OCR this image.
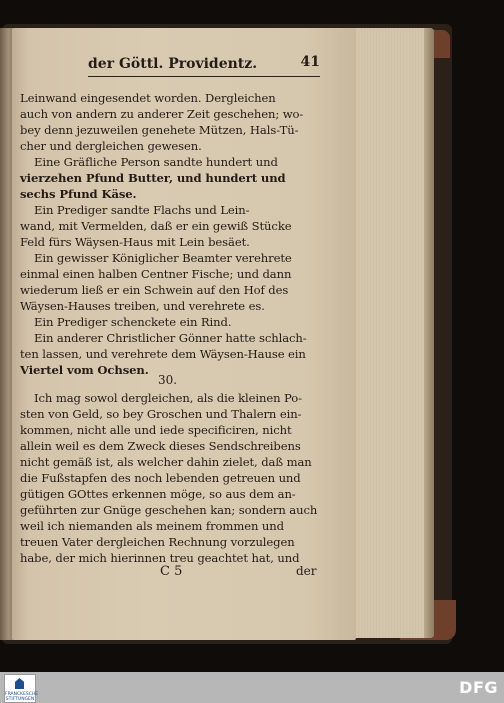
der Göttl. Providentz.	41
Leinwand eingesendet worden. Dergleichen
auch von andern zu anderer Zeit geschehen; wo-
bey denn jezuweilen genehete Mützen, Hals-Tü-
cher und dergleichen gewesen.
Eine Gräfliche Person sandte hundert und
vierzehen Pfund Butter, und hundert und
sechs Pfund Käse.
Ein Prediger sandte Flachs und Lein-
wand, mit Vermelden, daß er ein gewiß Stücke
Feld fürs Wäysen-Haus mit Lein besäet.
Ein gewisser Königlicher Beamter verehrete
einmal einen halben Centner Fische; und dann
wiederum ließ er ein Schwein auf den Hof des
Wäysen-Hauses treiben, und verehrete es.
Ein Prediger schenckete ein Rind.
Ein anderer Christlicher Gönner hatte schlach-
ten lassen, und verehrete dem Wäysen-Hause ein
Viertel vom Ochsen.
30.
Ich mag sowol dergleichen, als die kleinen Po-
sten von Geld, so bey Groschen und Thalern ein-
kommen, nicht alle und iede specificiren, nicht
allein weil es dem Zweck dieses Sendschreibens
nicht gemäß ist, als welcher dahin zielet, daß man
die Fußstapfen des noch lebenden getreuen und
gütigen GOttes erkennen möge, so aus dem an-
geführten zur Gnüge geschehen kan; sondern auch
weil ich niemanden als meinem frommen und
treuen Vater dergleichen Rechnung vorzulegen
habe, der mich hierinnen treu geachtet hat, und
C 5	der
FRANCKESCHE STIFTUNGEN
DFG
